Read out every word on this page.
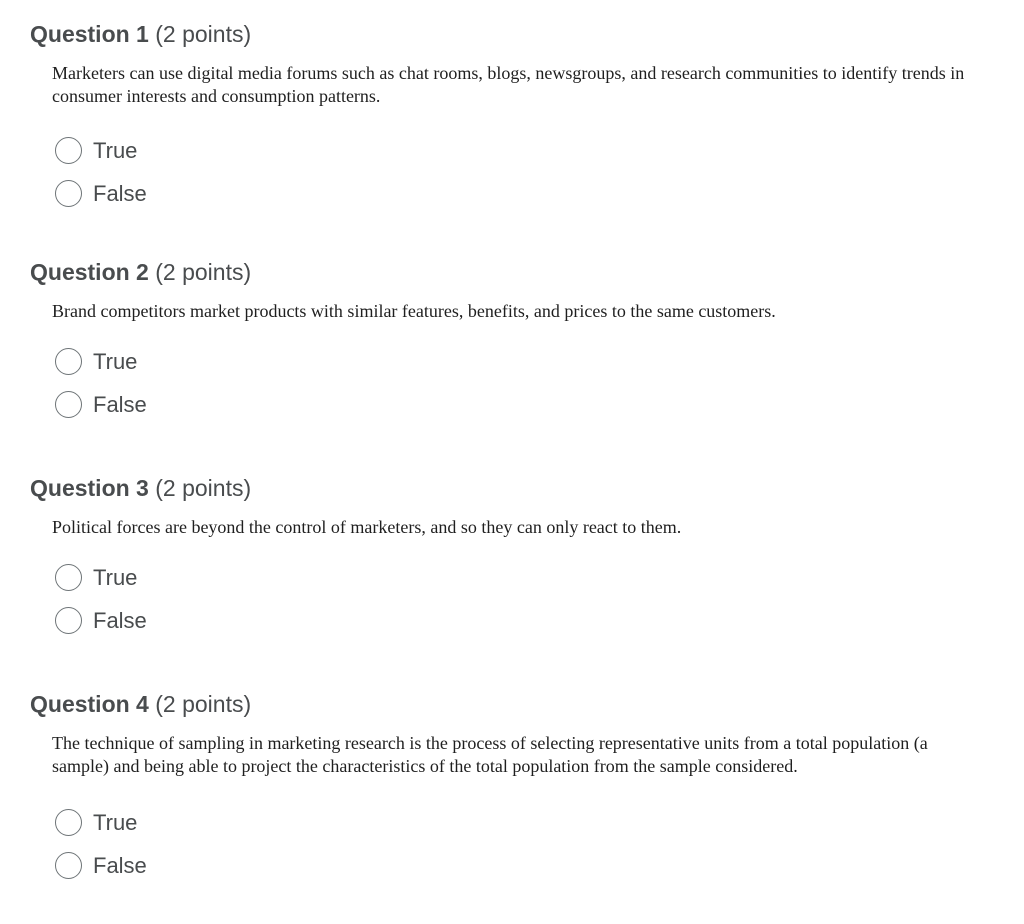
Question 1 (2 points)
Marketers can use digital media forums such as chat rooms, blogs, newsgroups, and research communities to identify trends in consumer interests and consumption patterns.
True
False
Question 2 (2 points)
Brand competitors market products with similar features, benefits, and prices to the same customers.
True
False
Question 3 (2 points)
Political forces are beyond the control of marketers, and so they can only react to them.
True
False
Question 4 (2 points)
The technique of sampling in marketing research is the process of selecting representative units from a total population (a sample) and being able to project the characteristics of the total population from the sample considered.
True
False
